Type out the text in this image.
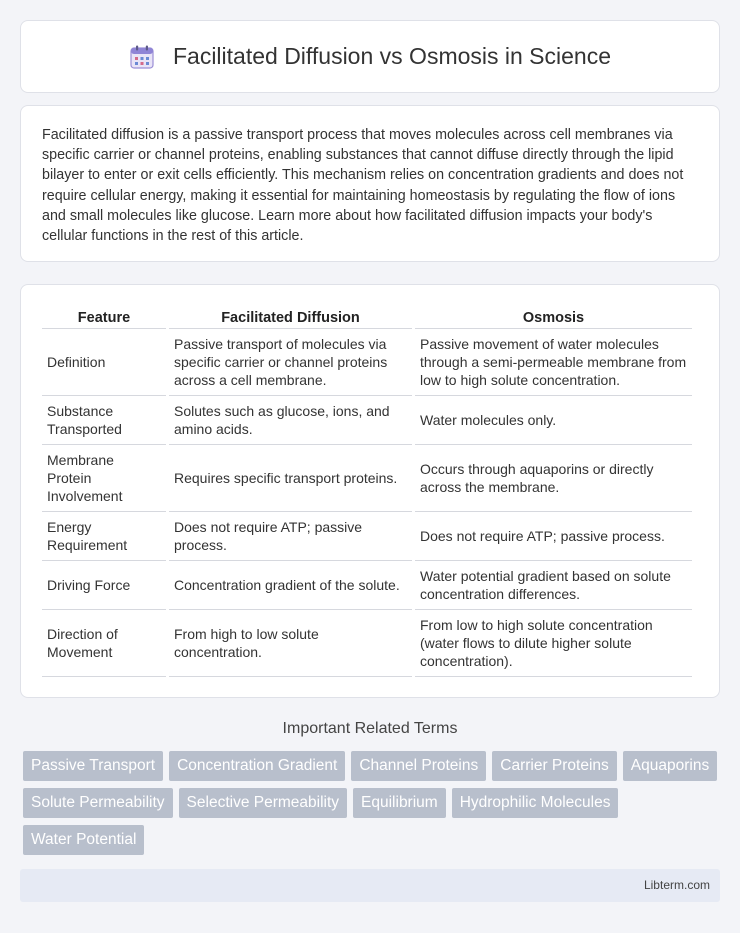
Facilitated Diffusion vs Osmosis in Science

Facilitated diffusion is a passive transport process that moves molecules across cell membranes via specific carrier or channel proteins, enabling substances that cannot diffuse directly through the lipid bilayer to enter or exit cells efficiently. This mechanism relies on concentration gradients and does not require cellular energy, making it essential for maintaining homeostasis by regulating the flow of ions and small molecules like glucose. Learn more about how facilitated diffusion impacts your body's cellular functions in the rest of this article.

Feature	Facilitated Diffusion	Osmosis
Definition	Passive transport of molecules via specific carrier or channel proteins across a cell membrane.	Passive movement of water molecules through a semi-permeable membrane from low to high solute concentration.
Substance Transported	Solutes such as glucose, ions, and amino acids.	Water molecules only.
Membrane Protein Involvement	Requires specific transport proteins.	Occurs through aquaporins or directly across the membrane.
Energy Requirement	Does not require ATP; passive process.	Does not require ATP; passive process.
Driving Force	Concentration gradient of the solute.	Water potential gradient based on solute concentration differences.
Direction of Movement	From high to low solute concentration.	From low to high solute concentration (water flows to dilute higher solute concentration).
Important Related Terms
Passive Transport	Concentration Gradient	Channel Proteins	Carrier Proteins	Aquaporins
Solute Permeability	Selective Permeability	Equilibrium	Hydrophilic Molecules
Water Potential
Libterm.com
